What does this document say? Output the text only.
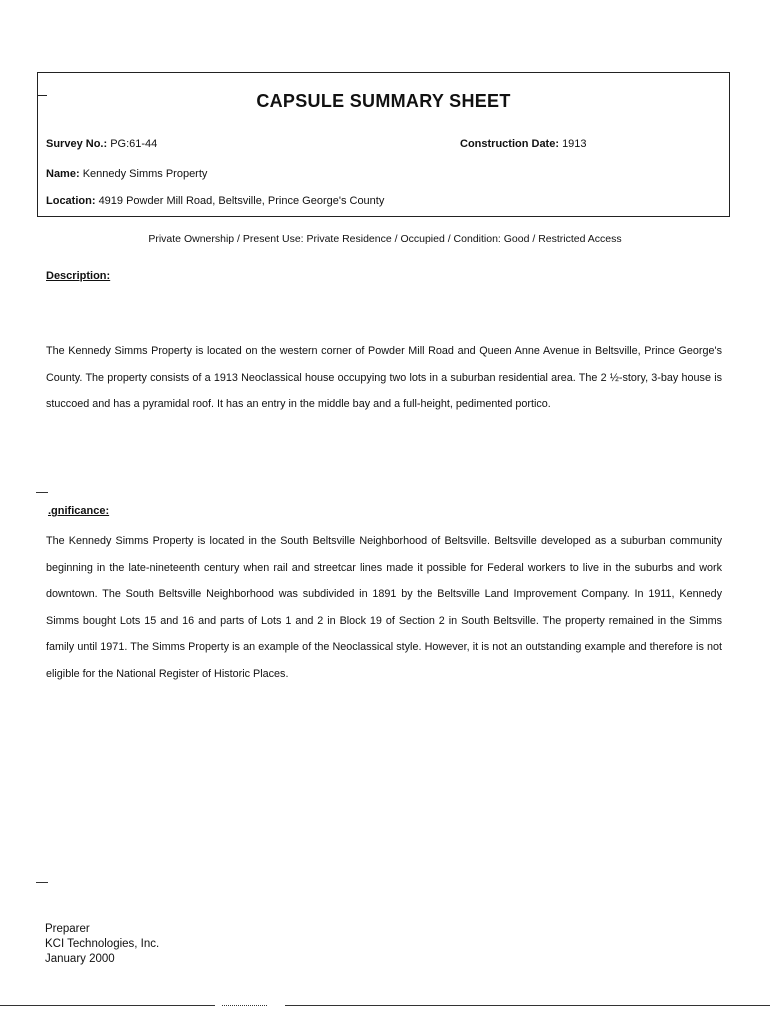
CAPSULE SUMMARY SHEET
Survey No.: PG:61-44	Construction Date: 1913
Name: Kennedy Simms Property
Location: 4919 Powder Mill Road, Beltsville, Prince George's County
Private Ownership / Present Use: Private Residence / Occupied / Condition: Good / Restricted Access
Description:
The Kennedy Simms Property is located on the western corner of Powder Mill Road and Queen Anne Avenue in Beltsville, Prince George's County. The property consists of a 1913 Neoclassical house occupying two lots in a suburban residential area. The 2 ½-story, 3-bay house is stuccoed and has a pyramidal roof. It has an entry in the middle bay and a full-height, pedimented portico.
.gnificance:
The Kennedy Simms Property is located in the South Beltsville Neighborhood of Beltsville. Beltsville developed as a suburban community beginning in the late-nineteenth century when rail and streetcar lines made it possible for Federal workers to live in the suburbs and work downtown. The South Beltsville Neighborhood was subdivided in 1891 by the Beltsville Land Improvement Company. In 1911, Kennedy Simms bought Lots 15 and 16 and parts of Lots 1 and 2 in Block 19 of Section 2 in South Beltsville. The property remained in the Simms family until 1971. The Simms Property is an example of the Neoclassical style. However, it is not an outstanding example and therefore is not eligible for the National Register of Historic Places.
Preparer
KCI Technologies, Inc.
January 2000
